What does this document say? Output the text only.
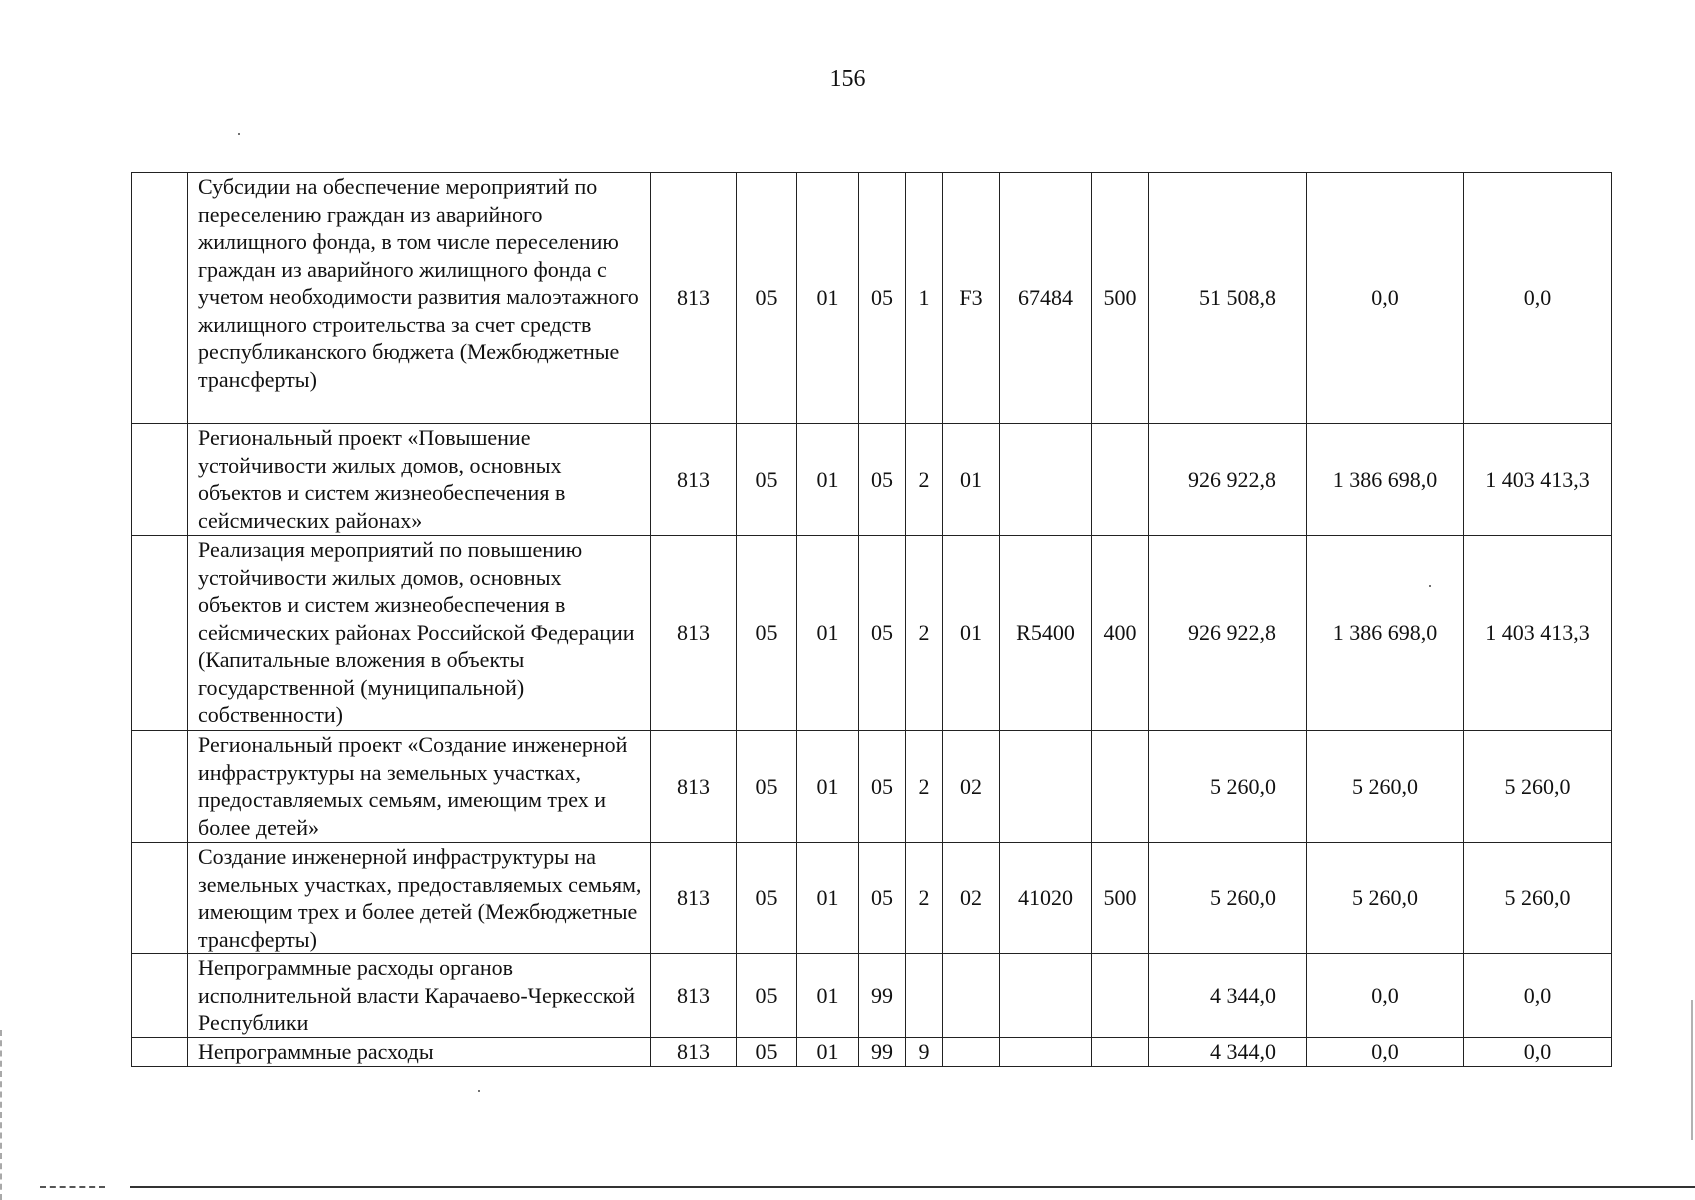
156
	Субсидии на обеспечение мероприятий по переселению граждан из аварийного жилищного фонда, в том числе переселению граждан из аварийного жилищного фонда с учетом необходимости развития малоэтажного жилищного строительства за счет средств республиканского бюджета (Межбюджетные трансферты)	813	05	01	05	1	F3	67484	500	51 508,8	0,0	0,0
	Региональный проект «Повышение устойчивости жилых домов, основных объектов и систем жизнеобеспечения в сейсмических районах»	813	05	01	05	2	01			926 922,8	1 386 698,0	1 403 413,3
	Реализация мероприятий по повышению устойчивости жилых домов, основных объектов и систем жизнеобеспечения в сейсмических районах Российской Федерации (Капитальные вложения в объекты государственной (муниципальной) собственности)	813	05	01	05	2	01	R5400	400	926 922,8	1 386 698,0	1 403 413,3
	Региональный проект «Создание инженерной инфраструктуры на земельных участках, предоставляемых семьям, имеющим трех и более детей»	813	05	01	05	2	02			5 260,0	5 260,0	5 260,0
	Создание инженерной инфраструктуры на земельных участках, предоставляемых семьям, имеющим трех и более детей (Межбюджетные трансферты)	813	05	01	05	2	02	41020	500	5 260,0	5 260,0	5 260,0
	Непрограммные расходы органов исполнительной власти Карачаево-Черкесской Республики	813	05	01	99					4 344,0	0,0	0,0
	Непрограммные расходы	813	05	01	99	9				4 344,0	0,0	0,0
